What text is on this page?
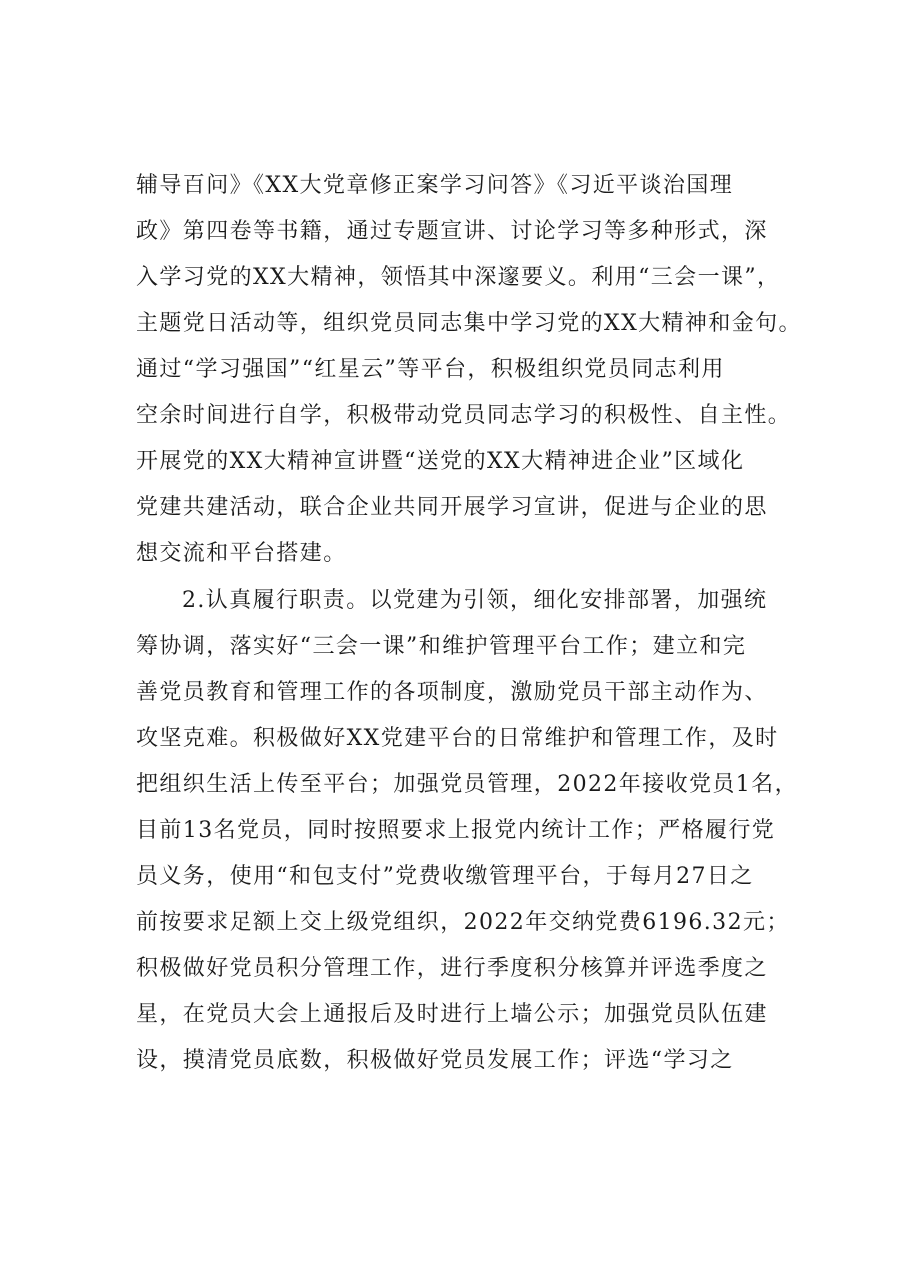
辅导百问》《XX大党章修正案学习问答》《习近平谈治国理
政》第四卷等书籍，通过专题宣讲、讨论学习等多种形式，深
入学习党的XX大精神，领悟其中深邃要义。利用“三会一课”，
主题党日活动等，组织党员同志集中学习党的XX大精神和金句。
通过“学习强国”“红星云”等平台，积极组织党员同志利用
空余时间进行自学，积极带动党员同志学习的积极性、自主性。
开展党的XX大精神宣讲暨“送党的XX大精神进企业”区域化
党建共建活动，联合企业共同开展学习宣讲，促进与企业的思
想交流和平台搭建。
2.认真履行职责。以党建为引领，细化安排部署，加强统
筹协调，落实好“三会一课”和维护管理平台工作；建立和完
善党员教育和管理工作的各项制度，激励党员干部主动作为、
攻坚克难。积极做好XX党建平台的日常维护和管理工作，及时
把组织生活上传至平台；加强党员管理，2022年接收党员1名，
目前13名党员，同时按照要求上报党内统计工作；严格履行党
员义务，使用“和包支付”党费收缴管理平台，于每月27日之
前按要求足额上交上级党组织，2022年交纳党费6196.32元；
积极做好党员积分管理工作，进行季度积分核算并评选季度之
星，在党员大会上通报后及时进行上墙公示；加强党员队伍建
设，摸清党员底数，积极做好党员发展工作；评选“学习之
